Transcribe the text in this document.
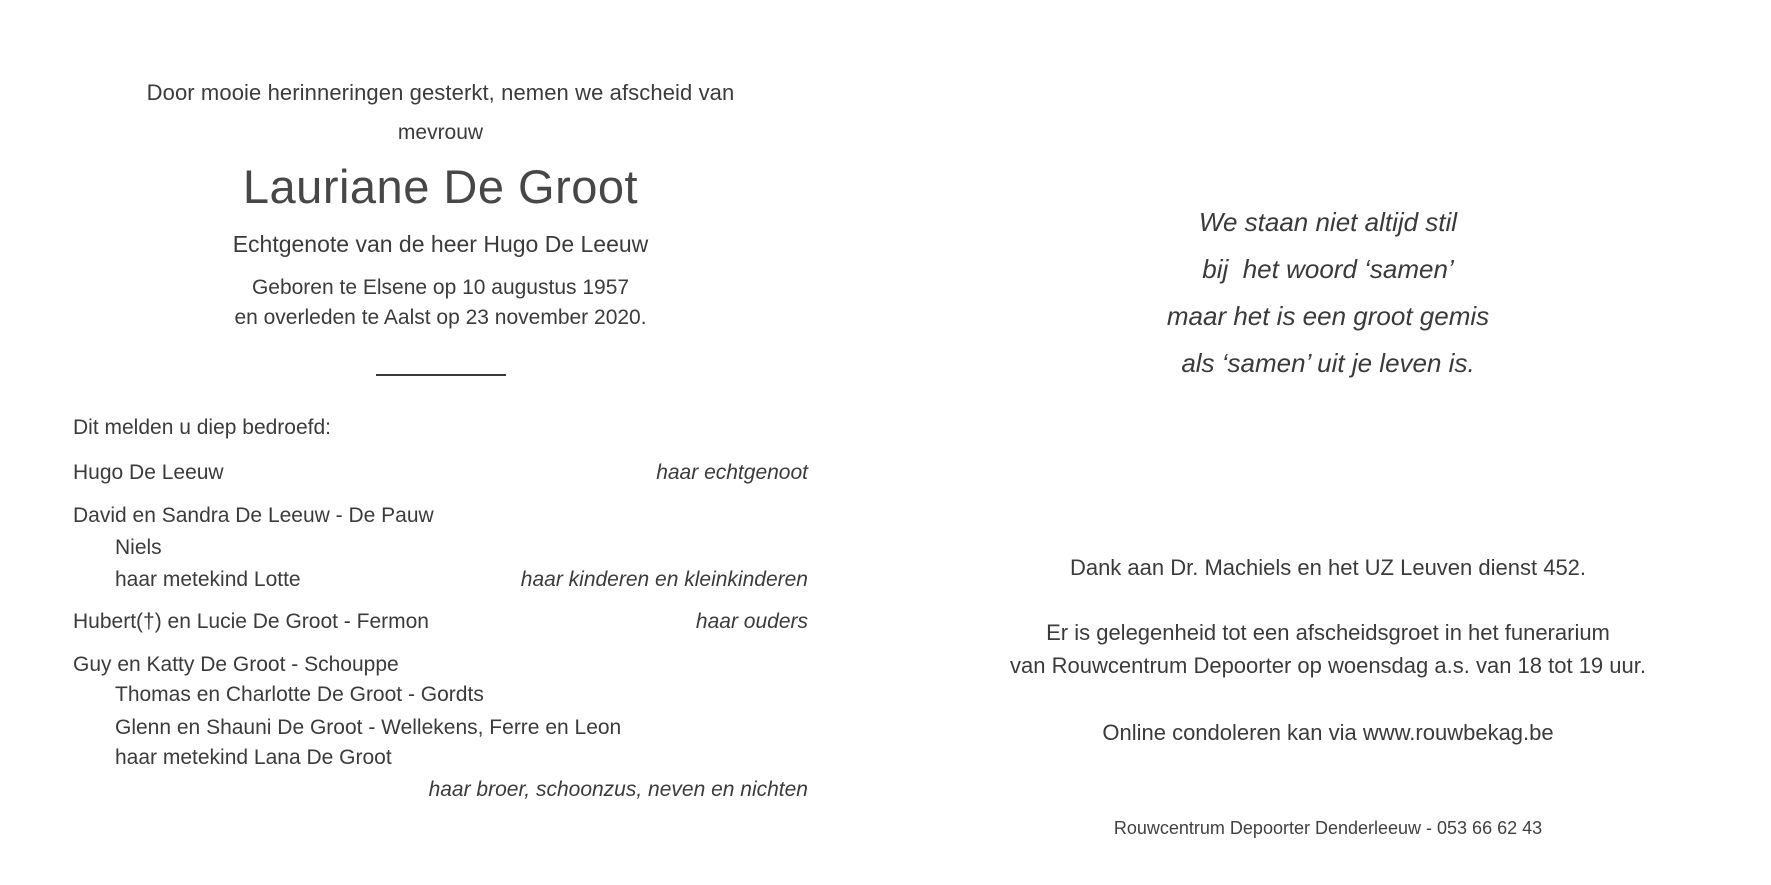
Door mooie herinneringen gesterkt, nemen we afscheid van

mevrouw

Lauriane De Groot

Echtgenote van de heer Hugo De Leeuw

Geboren te Elsene op 10 augustus 1957

en overleden te Aalst op 23 november 2020.

Dit melden u diep bedroefd:

Hugo De Leeuw	haar echtgenoot
David en Sandra De Leeuw - De Pauw
Niels
haar metekind Lotte	haar kinderen en kleinkinderen
Hubert(†) en Lucie De Groot - Fermon	haar ouders
Guy en Katty De Groot - Schouppe
Thomas en Charlotte De Groot - Gordts
Glenn en Shauni De Groot - Wellekens, Ferre en Leon
haar metekind Lana De Groot
haar broer, schoonzus, neven en nichten
We staan niet altijd stil
bij  het woord ‘samen’
maar het is een groot gemis
als ‘samen’ uit je leven is.

Dank aan Dr. Machiels en het UZ Leuven dienst 452.

Er is gelegenheid tot een afscheidsgroet in het funerarium

van Rouwcentrum Depoorter op woensdag a.s. van 18 tot 19 uur.

Online condoleren kan via www.rouwbekag.be

Rouwcentrum Depoorter Denderleeuw - 053 66 62 43
